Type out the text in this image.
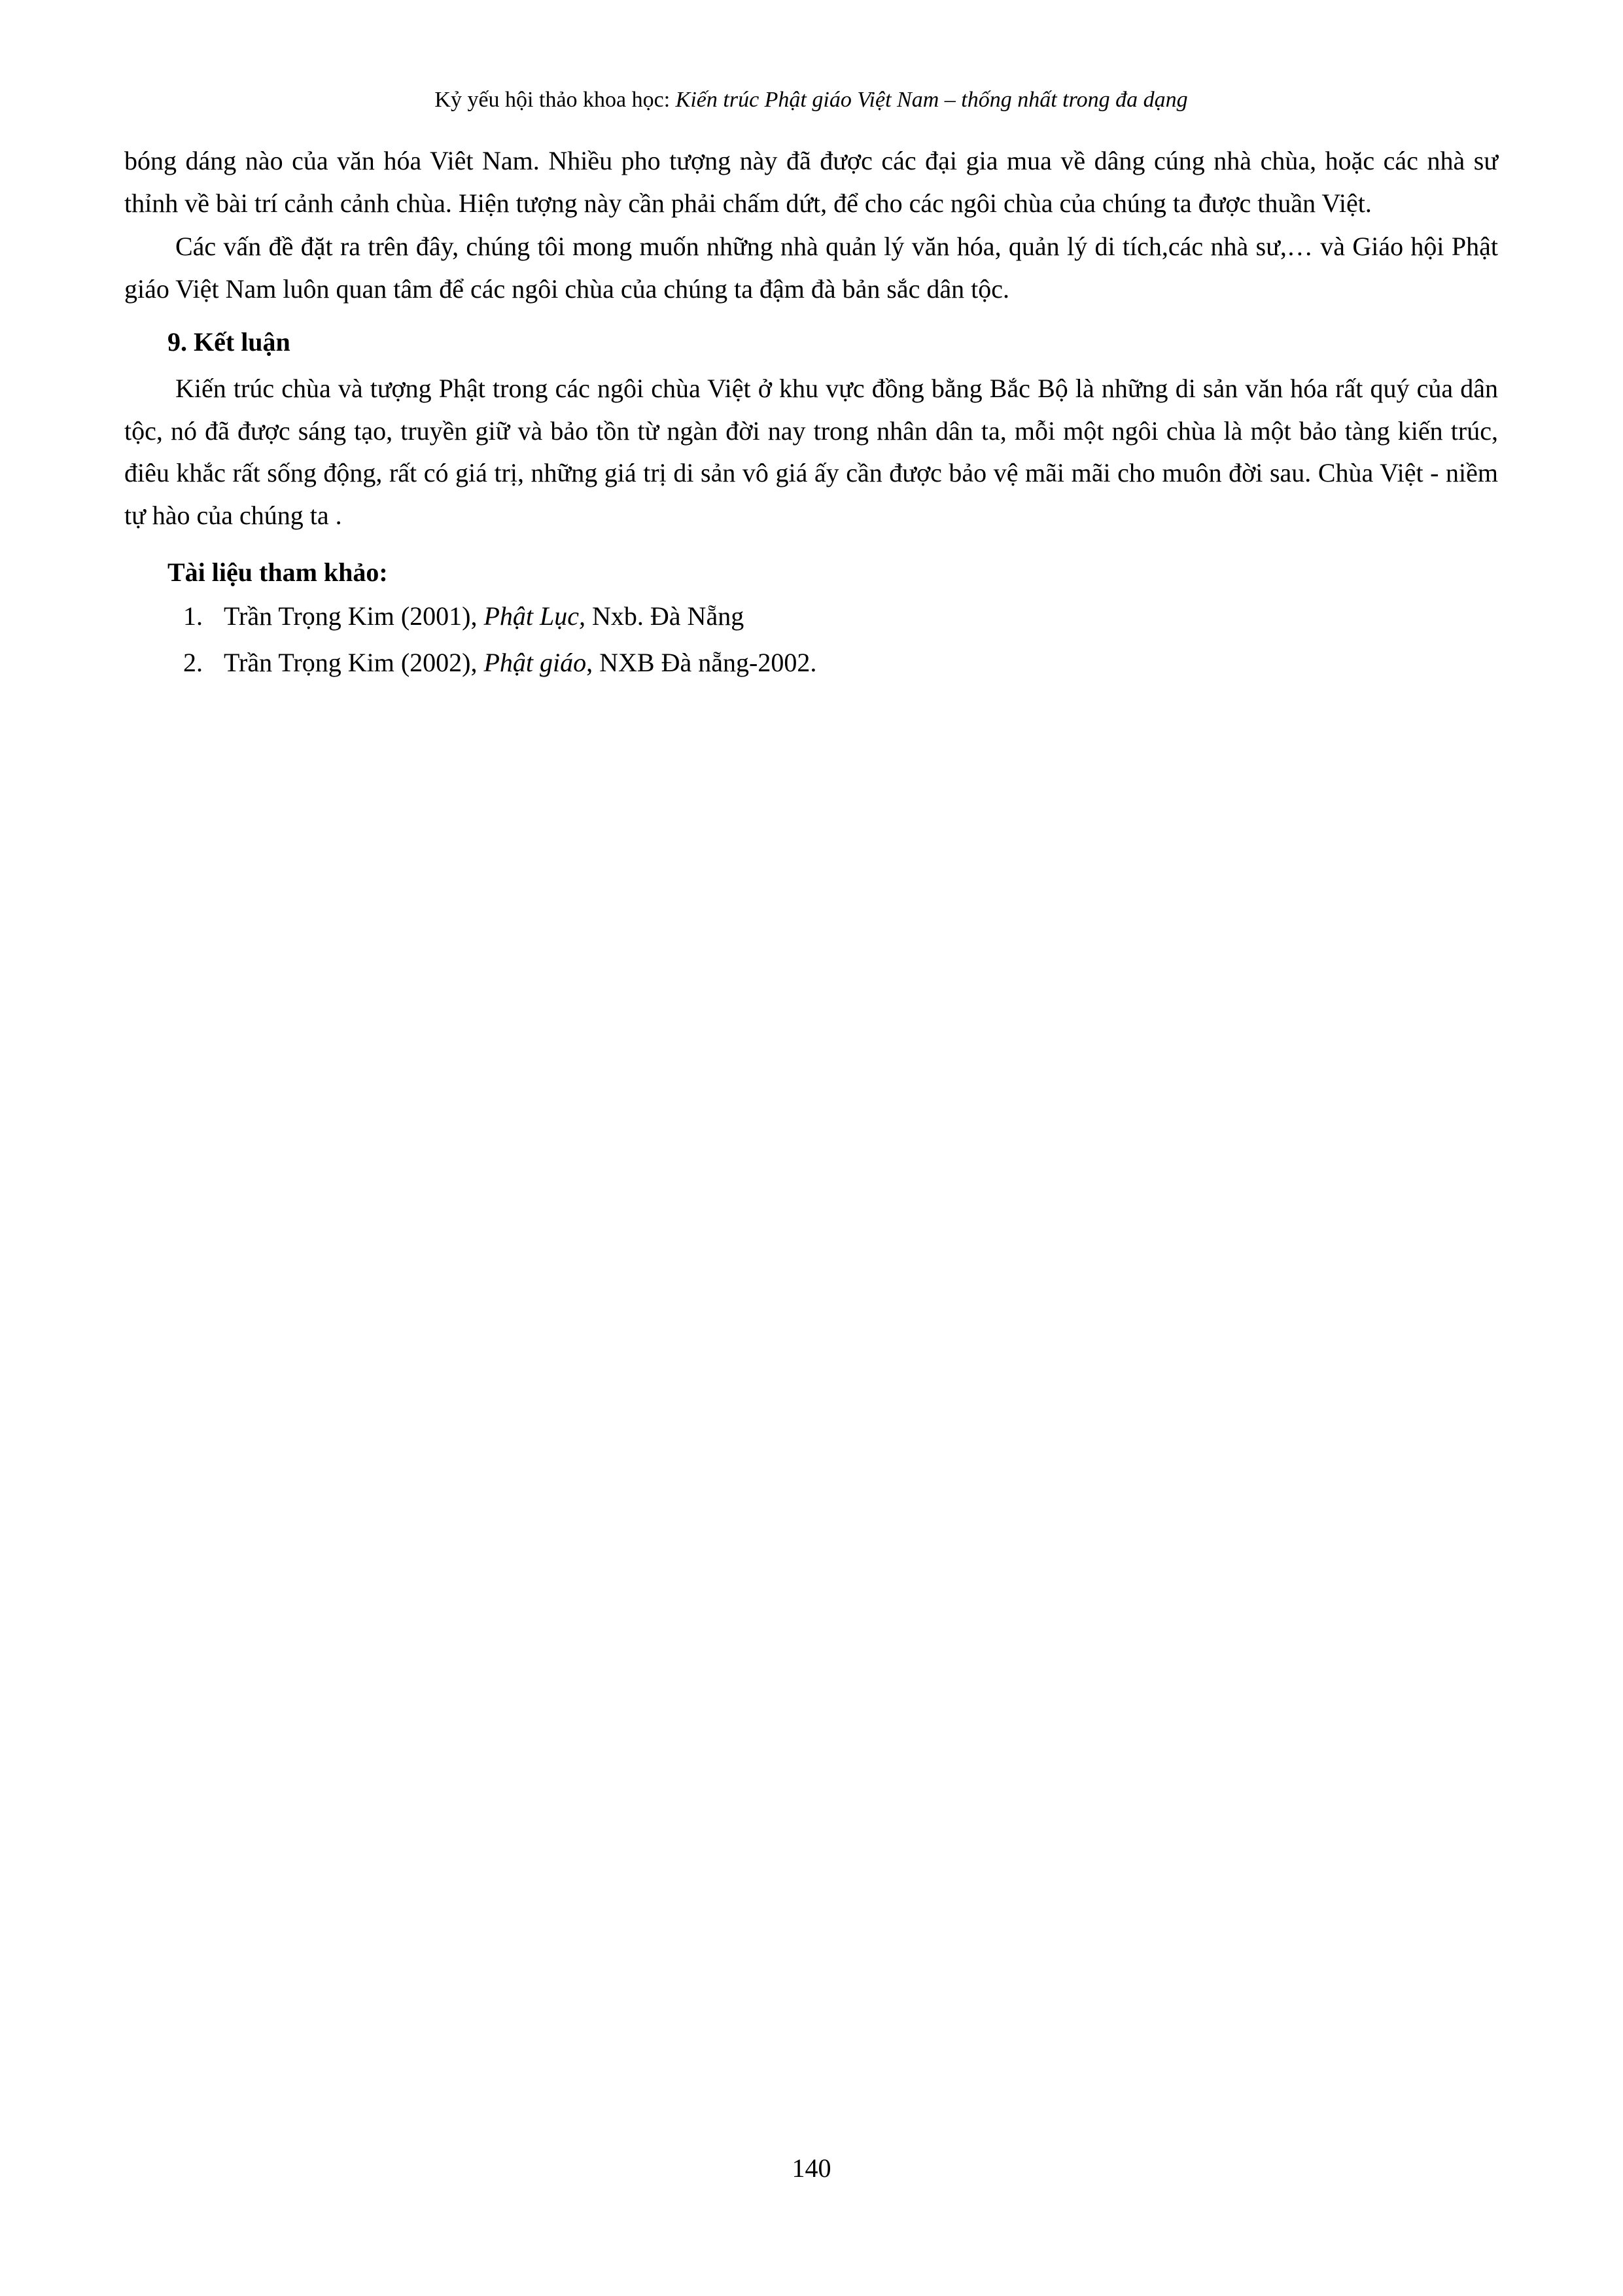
Kỷ yếu hội thảo khoa học: Kiến trúc Phật giáo Việt Nam – thống nhất trong đa dạng

bóng dáng nào của văn hóa Viêt Nam. Nhiều pho tượng này đã được các đại gia mua về dâng cúng nhà chùa, hoặc các nhà sư thỉnh về bài trí cảnh cảnh chùa. Hiện tượng này cần phải chấm dứt, để cho các ngôi chùa của chúng ta được thuần Việt.

Các vấn đề đặt ra trên đây, chúng tôi mong muốn những nhà quản lý văn hóa, quản lý di tích,các nhà sư,… và Giáo hội Phật giáo Việt Nam luôn quan tâm để các ngôi chùa của chúng ta đậm đà bản sắc dân tộc.

9. Kết luận

Kiến trúc chùa và tượng Phật trong các ngôi chùa Việt ở khu vực đồng bằng Bắc Bộ là những di sản văn hóa rất quý của dân tộc, nó đã được sáng tạo, truyền giữ và bảo tồn từ ngàn đời nay trong nhân dân ta, mỗi một ngôi chùa là một bảo tàng kiến trúc, điêu khắc rất sống động, rất có giá trị, những giá trị di sản vô giá ấy cần được bảo vệ mãi mãi cho muôn đời sau. Chùa Việt - niềm tự hào của chúng ta .

Tài liệu tham khảo:
1. Trần Trọng Kim (2001), Phật Lục, Nxb. Đà Nẵng
2. Trần Trọng Kim (2002), Phật giáo, NXB Đà nẵng-2002.
140
